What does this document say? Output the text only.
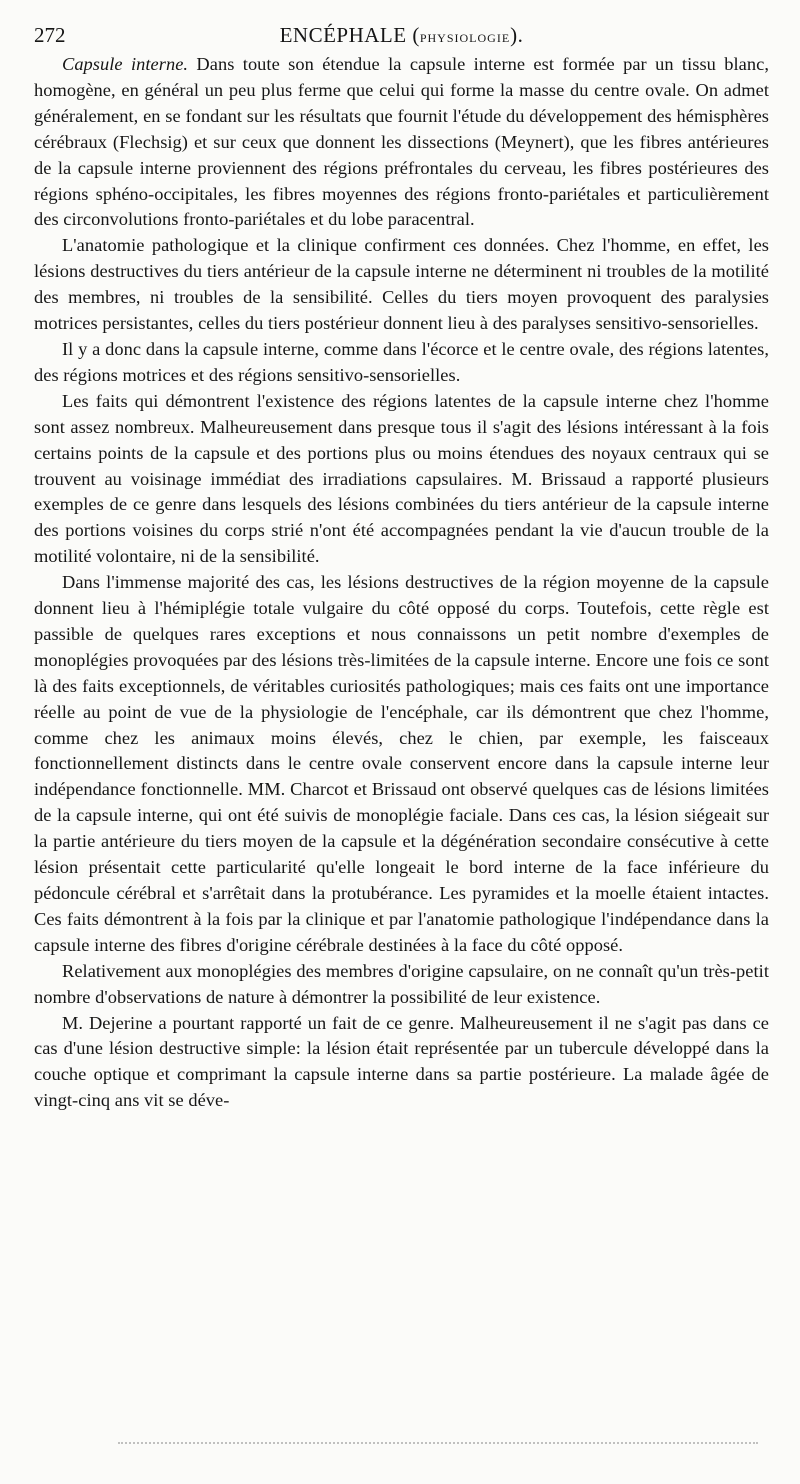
272	ENCÉPHALE (PHYSIOLOGIE).

Capsule interne. Dans toute son étendue la capsule interne est formée par un tissu blanc, homogène, en général un peu plus ferme que celui qui forme la masse du centre ovale. On admet généralement, en se fondant sur les résultats que fournit l'étude du développement des hémisphères cérébraux (Flechsig) et sur ceux que donnent les dissections (Meynert), que les fibres antérieures de la capsule interne proviennent des régions préfrontales du cerveau, les fibres postérieures des régions sphéno-occipitales, les fibres moyennes des régions fronto-pariétales et particulièrement des circonvolutions fronto-pariétales et du lobe paracentral.

L'anatomie pathologique et la clinique confirment ces données. Chez l'homme, en effet, les lésions destructives du tiers antérieur de la capsule interne ne déterminent ni troubles de la motilité des membres, ni troubles de la sensibilité. Celles du tiers moyen provoquent des paralysies motrices persistantes, celles du tiers postérieur donnent lieu à des paralyses sensitivo-sensorielles.

Il y a donc dans la capsule interne, comme dans l'écorce et le centre ovale, des régions latentes, des régions motrices et des régions sensitivo-sensorielles.

Les faits qui démontrent l'existence des régions latentes de la capsule interne chez l'homme sont assez nombreux. Malheureusement dans presque tous il s'agit des lésions intéressant à la fois certains points de la capsule et des portions plus ou moins étendues des noyaux centraux qui se trouvent au voisinage immédiat des irradiations capsulaires. M. Brissaud a rapporté plusieurs exemples de ce genre dans lesquels des lésions combinées du tiers antérieur de la capsule interne des portions voisines du corps strié n'ont été accompagnées pendant la vie d'aucun trouble de la motilité volontaire, ni de la sensibilité.

Dans l'immense majorité des cas, les lésions destructives de la région moyenne de la capsule donnent lieu à l'hémiplégie totale vulgaire du côté opposé du corps. Toutefois, cette règle est passible de quelques rares exceptions et nous connaissons un petit nombre d'exemples de monoplégies provoquées par des lésions très-limitées de la capsule interne. Encore une fois ce sont là des faits exceptionnels, de véritables curiosités pathologiques; mais ces faits ont une importance réelle au point de vue de la physiologie de l'encéphale, car ils démontrent que chez l'homme, comme chez les animaux moins élevés, chez le chien, par exemple, les faisceaux fonctionnellement distincts dans le centre ovale conservent encore dans la capsule interne leur indépendance fonctionnelle. MM. Charcot et Brissaud ont observé quelques cas de lésions limitées de la capsule interne, qui ont été suivis de monoplégie faciale. Dans ces cas, la lésion siégeait sur la partie antérieure du tiers moyen de la capsule et la dégénération secondaire consécutive à cette lésion présentait cette particularité qu'elle longeait le bord interne de la face inférieure du pédoncule cérébral et s'arrêtait dans la protubérance. Les pyramides et la moelle étaient intactes. Ces faits démontrent à la fois par la clinique et par l'anatomie pathologique l'indépendance dans la capsule interne des fibres d'origine cérébrale destinées à la face du côté opposé.

Relativement aux monoplégies des membres d'origine capsulaire, on ne connaît qu'un très-petit nombre d'observations de nature à démontrer la possibilité de leur existence.

M. Dejerine a pourtant rapporté un fait de ce genre. Malheureusement il ne s'agit pas dans ce cas d'une lésion destructive simple: la lésion était représentée par un tubercule développé dans la couche optique et comprimant la capsule interne dans sa partie postérieure. La malade âgée de vingt-cinq ans vit se déve-
